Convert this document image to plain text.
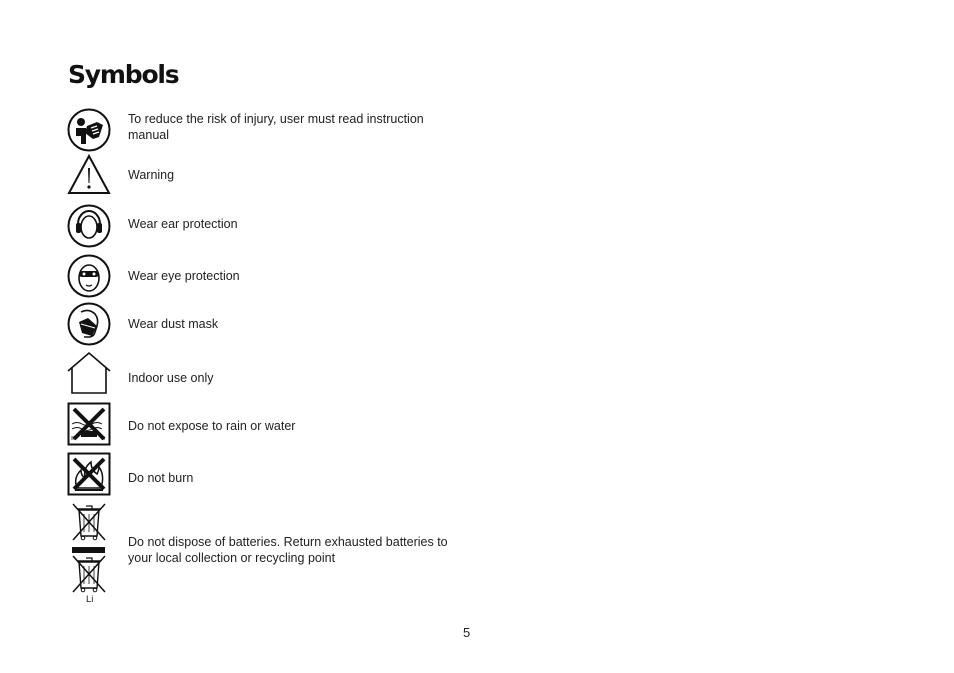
Symbols
To reduce the risk of injury, user must read instruction manual
Warning
Wear ear protection
Wear eye protection
Wear dust mask
Indoor use only
Do not expose to rain or water
Do not burn
Li
Do not dispose of batteries. Return exhausted batteries to your local collection or recycling point
5
